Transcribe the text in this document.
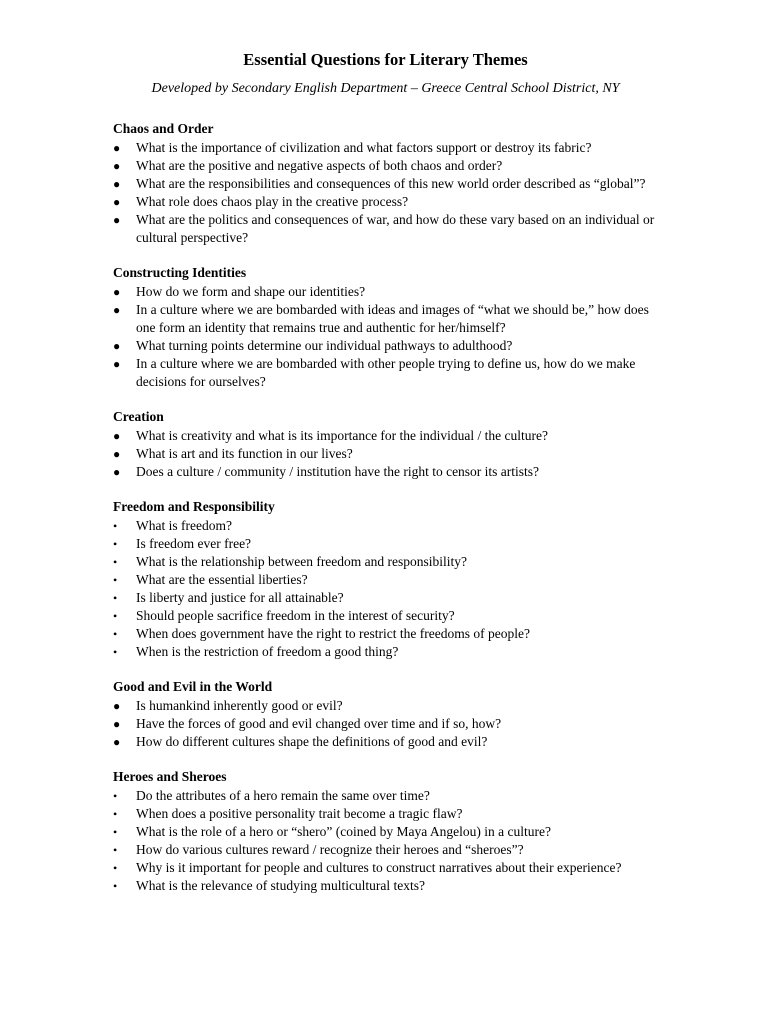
Essential Questions for Literary Themes

Developed by Secondary English Department – Greece Central School District, NY

Chaos and Order
●	What is the importance of civilization and what factors support or destroy its fabric?
●	What are the positive and negative aspects of both chaos and order?
●	What are the responsibilities and consequences of this new world order described as “global”?
●	What role does chaos play in the creative process?
●	What are the politics and consequences of war, and how do these vary based on an individual or cultural perspective?
Constructing Identities
●	How do we form and shape our identities?
●	In a culture where we are bombarded with ideas and images of “what we should be,” how does one form an identity that remains true and authentic for her/himself?
●	What turning points determine our individual pathways to adulthood?
●	In a culture where we are bombarded with other people trying to define us, how do we make decisions for ourselves?
Creation
●	What is creativity and what is its importance for the individual / the culture?
●	What is art and its function in our lives?
●	Does a culture / community / institution have the right to censor its artists?
Freedom and Responsibility
•	What is freedom?
•	Is freedom ever free?
•	What is the relationship between freedom and responsibility?
•	What are the essential liberties?
•	Is liberty and justice for all attainable?
•	Should people sacrifice freedom in the interest of security?
•	When does government have the right to restrict the freedoms of people?
•	When is the restriction of freedom a good thing?
Good and Evil in the World
●	Is humankind inherently good or evil?
●	Have the forces of good and evil changed over time and if so, how?
●	How do different cultures shape the definitions of good and evil?
Heroes and Sheroes
•	Do the attributes of a hero remain the same over time?
•	When does a positive personality trait become a tragic flaw?
•	What is the role of a hero or “shero” (coined by Maya Angelou) in a culture?
•	How do various cultures reward / recognize their heroes and “sheroes”?
•	Why is it important for people and cultures to construct narratives about their experience?
•	What is the relevance of studying multicultural texts?
